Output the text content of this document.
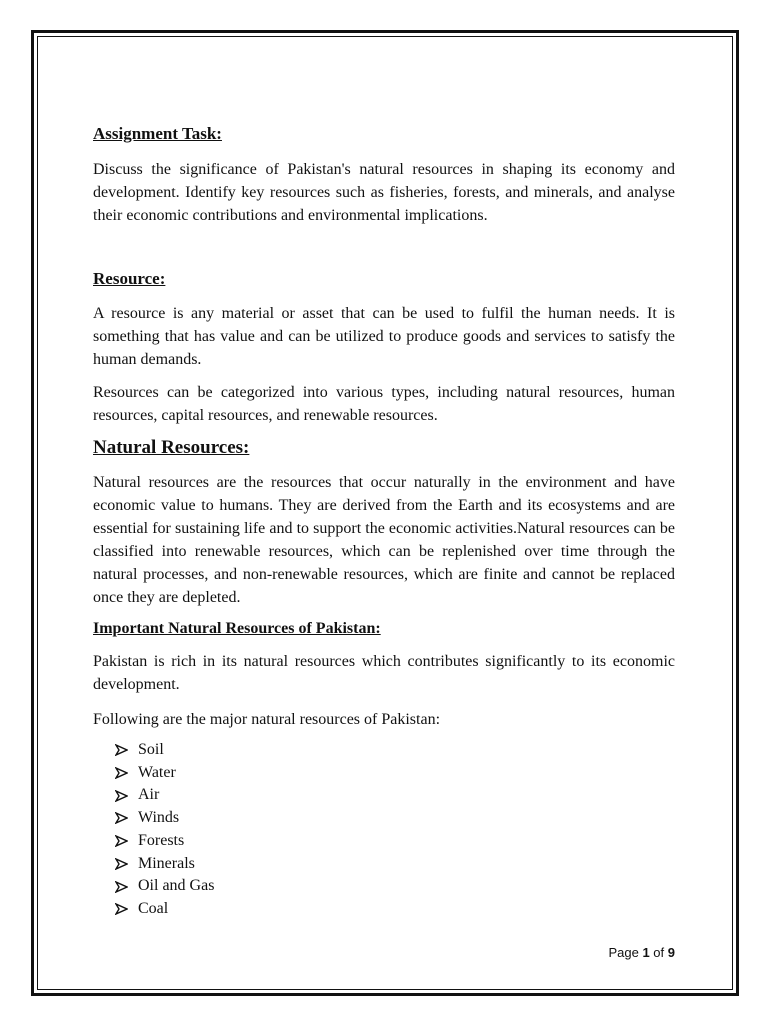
Assignment Task:

Discuss the significance of Pakistan's natural resources in shaping its economy and development. Identify key resources such as fisheries, forests, and minerals, and analyse their economic contributions and environmental implications.

Resource:

A resource is any material or asset that can be used to fulfil the human needs. It is something that has value and can be utilized to produce goods and services to satisfy the human demands.

Resources can be categorized into various types, including natural resources, human resources, capital resources, and renewable resources.

Natural Resources:

Natural resources are the resources that occur naturally in the environment and have economic value to humans. They are derived from the Earth and its ecosystems and are essential for sustaining life and to support the economic activities.Natural resources can be classified into renewable resources, which can be replenished over time through the natural processes, and non-renewable resources, which are finite and cannot be replaced once they are depleted.

Important Natural Resources of Pakistan:

Pakistan is rich in its natural resources which contributes significantly to its economic development.

Following are the major natural resources of Pakistan:

Soil
Water
Air
Winds
Forests
Minerals
Oil and Gas
Coal
Page 1 of 9
